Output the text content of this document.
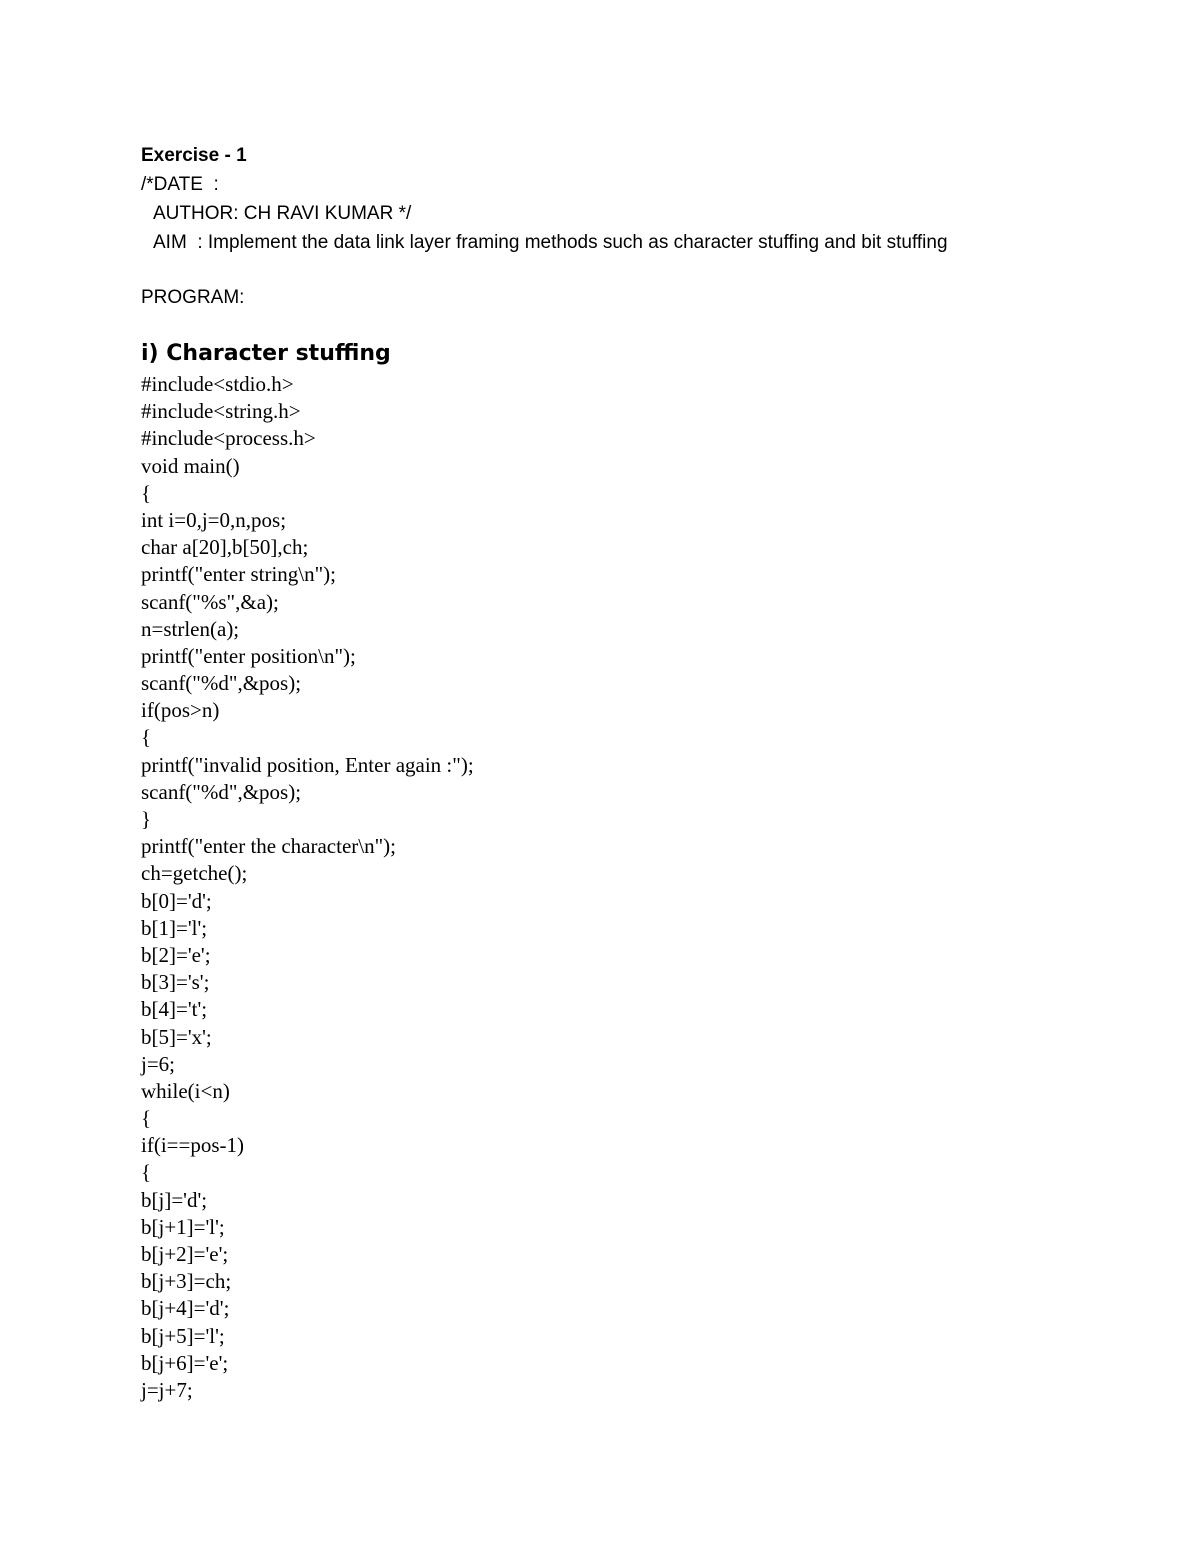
Exercise - 1

/*DATE  :

AUTHOR: CH RAVI KUMAR */

AIM  : Implement the data link layer framing methods such as character stuffing and bit stuffing

PROGRAM:

i) Character stuffing
#include<stdio.h>
#include<string.h>
#include<process.h>
void main()
{
int i=0,j=0,n,pos;
char a[20],b[50],ch;
printf("enter string\n");
scanf("%s",&a);
n=strlen(a);
printf("enter position\n");
scanf("%d",&pos);
if(pos>n)
{
printf("invalid position, Enter again :");
scanf("%d",&pos);
}
printf("enter the character\n");
ch=getche();
b[0]='d';
b[1]='l';
b[2]='e';
b[3]='s';
b[4]='t';
b[5]='x';
j=6;
while(i<n)
{
if(i==pos-1)
{
b[j]='d';
b[j+1]='l';
b[j+2]='e';
b[j+3]=ch;
b[j+4]='d';
b[j+5]='l';
b[j+6]='e';
j=j+7;
